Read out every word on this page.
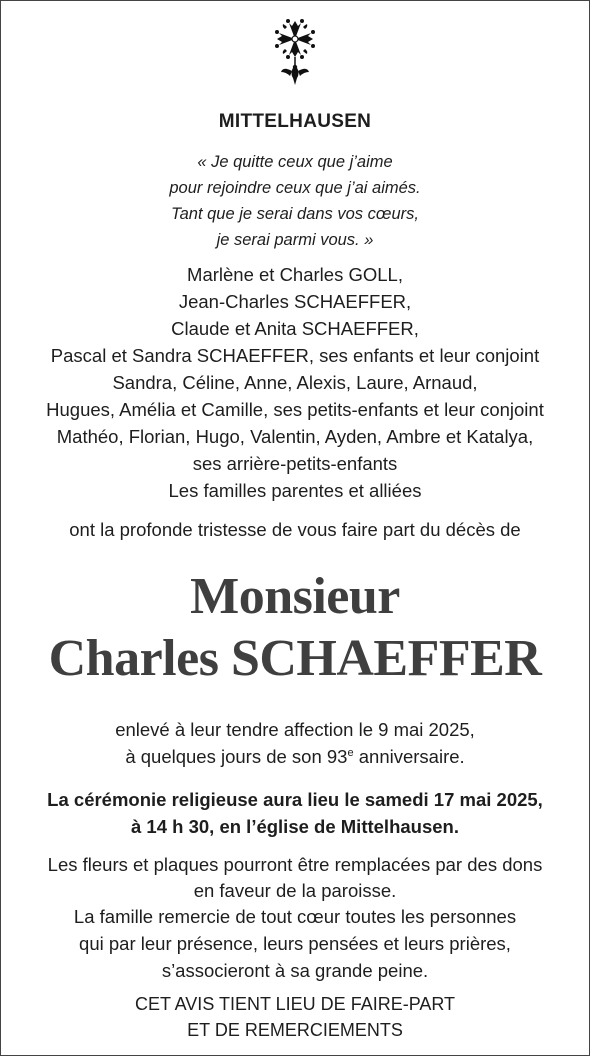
MITTELHAUSEN
« Je quitte ceux que j’aime
pour rejoindre ceux que j’ai aimés.
Tant que je serai dans vos cœurs,
je serai parmi vous. »
Marlène et Charles GOLL,
Jean-Charles SCHAEFFER,
Claude et Anita SCHAEFFER,
Pascal et Sandra SCHAEFFER, ses enfants et leur conjoint
Sandra, Céline, Anne, Alexis, Laure, Arnaud,
Hugues, Amélia et Camille, ses petits-enfants et leur conjoint
Mathéo, Florian, Hugo, Valentin, Ayden, Ambre et Katalya,
ses arrière-petits-enfants
Les familles parentes et alliées
ont la profonde tristesse de vous faire part du décès de
Monsieur
Charles SCHAEFFER
enlevé à leur tendre affection le 9 mai 2025,
à quelques jours de son 93e anniversaire.
La cérémonie religieuse aura lieu le samedi 17 mai 2025,
à 14 h 30, en l’église de Mittelhausen.
Les fleurs et plaques pourront être remplacées par des dons
en faveur de la paroisse.
La famille remercie de tout cœur toutes les personnes
qui par leur présence, leurs pensées et leurs prières,
s’associeront à sa grande peine.
CET AVIS TIENT LIEU DE FAIRE-PART
ET DE REMERCIEMENTS
